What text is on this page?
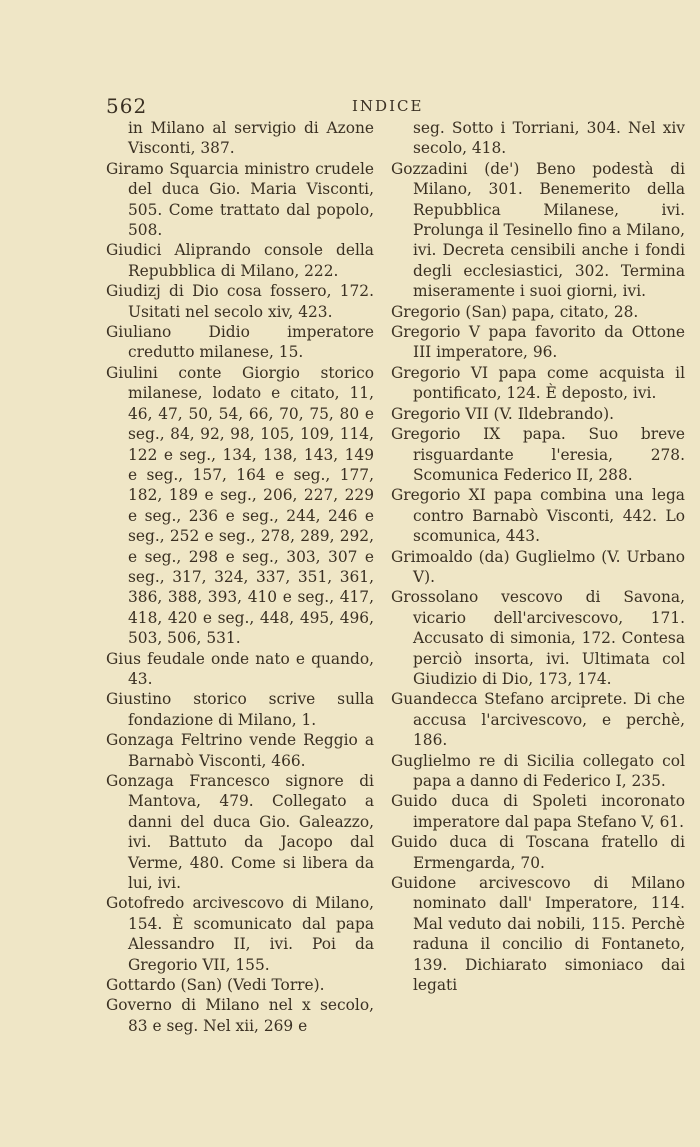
562	INDICE

in Milano al servigio di Azone Visconti, 387.

Giramo Squarcia ministro crudele del duca Gio. Maria Visconti, 505. Come trattato dal popolo, 508.

Giudici Aliprando console della Repubblica di Milano, 222.

Giudizj di Dio cosa fossero, 172. Usitati nel secolo xiv, 423.

Giuliano Didio imperatore credutto milanese, 15.

Giulini conte Giorgio storico milanese, lodato e citato, 11, 46, 47, 50, 54, 66, 70, 75, 80 e seg., 84, 92, 98, 105, 109, 114, 122 e seg., 134, 138, 143, 149 e seg., 157, 164 e seg., 177, 182, 189 e seg., 206, 227, 229 e seg., 236 e seg., 244, 246 e seg., 252 e seg., 278, 289, 292, e seg., 298 e seg., 303, 307 e seg., 317, 324, 337, 351, 361, 386, 388, 393, 410 e seg., 417, 418, 420 e seg., 448, 495, 496, 503, 506, 531.

Gius feudale onde nato e quando, 43.

Giustino storico scrive sulla fondazione di Milano, 1.

Gonzaga Feltrino vende Reggio a Barnabò Visconti, 466.

Gonzaga Francesco signore di Mantova, 479. Collegato a danni del duca Gio. Galeazzo, ivi. Battuto da Jacopo dal Verme, 480. Come si libera da lui, ivi.

Gotofredo arcivescovo di Milano, 154. È scomunicato dal papa Alessandro II, ivi. Poi da Gregorio VII, 155.

Gottardo (San) (Vedi Torre).

Governo di Milano nel x secolo, 83 e seg. Nel xii, 269 e

seg. Sotto i Torriani, 304. Nel xiv secolo, 418.

Gozzadini (de') Beno podestà di Milano, 301. Benemerito della Repubblica Milanese, ivi. Prolunga il Tesinello fino a Milano, ivi. Decreta censibili anche i fondi degli ecclesiastici, 302. Termina miseramente i suoi giorni, ivi.

Gregorio (San) papa, citato, 28.

Gregorio V papa favorito da Ottone III imperatore, 96.

Gregorio VI papa come acquista il pontificato, 124. È deposto, ivi.

Gregorio VII (V. Ildebrando).

Gregorio IX papa. Suo breve risguardante l'eresia, 278. Scomunica Federico II, 288.

Gregorio XI papa combina una lega contro Barnabò Visconti, 442. Lo scomunica, 443.

Grimoaldo (da) Guglielmo (V. Urbano V).

Grossolano vescovo di Savona, vicario dell'arcivescovo, 171. Accusato di simonia, 172. Contesa perciò insorta, ivi. Ultimata col Giudizio di Dio, 173, 174.

Guandecca Stefano arciprete. Di che accusa l'arcivescovo, e perchè, 186.

Guglielmo re di Sicilia collegato col papa a danno di Federico I, 235.

Guido duca di Spoleti incoronato imperatore dal papa Stefano V, 61.

Guido duca di Toscana fratello di Ermengarda, 70.

Guidone arcivescovo di Milano nominato dall' Imperatore, 114. Mal veduto dai nobili, 115. Perchè raduna il concilio di Fontaneto, 139. Dichiarato simoniaco dai legati
